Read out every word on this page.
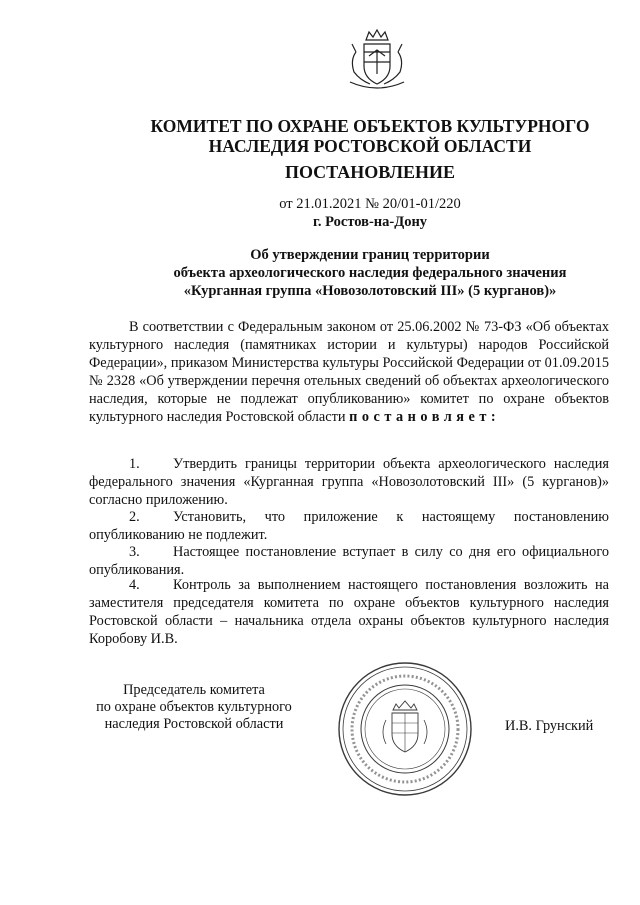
КОМИТЕТ ПО ОХРАНЕ ОБЪЕКТОВ КУЛЬТУРНОГО
НАСЛЕДИЯ РОСТОВСКОЙ ОБЛАСТИ
ПОСТАНОВЛЕНИЕ
от 21.01.2021 № 20/01-01/220
г. Ростов-на-Дону
Об утверждении границ территории
объекта археологического наследия федерального значения
«Курганная группа «Новозолотовский III» (5 курганов)»
В соответствии с Федеральным законом от 25.06.2002 № 73-ФЗ «Об объектах культурного наследия (памятниках истории и культуры) народов Российской Федерации», приказом Министерства культуры Российской Федерации от 01.09.2015 № 2328 «Об утверждении перечня отельных сведений об объектах археологического наследия, которые не подлежат опубликованию» комитет по охране объектов культурного наследия Ростовской области постановляет:
1. Утвердить границы территории объекта археологического наследия федерального значения «Курганная группа «Новозолотовский III» (5 курганов)» согласно приложению.
2. Установить, что приложение к настоящему постановлению опубликованию не подлежит.
3. Настоящее постановление вступает в силу со дня его официального опубликования.
4. Контроль за выполнением настоящего постановления возложить на заместителя председателя комитета по охране объектов культурного наследия Ростовской области – начальника отдела охраны объектов культурного наследия Коробову И.В.
Председатель комитета
по охране объектов культурного
наследия Ростовской области	И.В. Грунский
